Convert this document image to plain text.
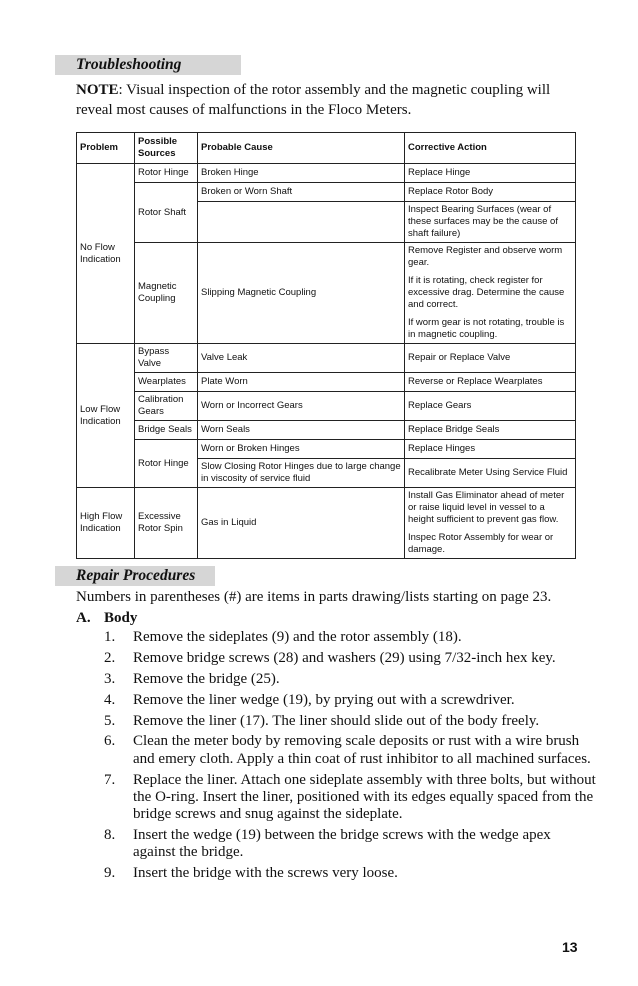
Troubleshooting
NOTE: Visual inspection of the rotor assembly and the magnetic coupling will reveal most causes of malfunctions in the Floco Meters.
Problem	Possible Sources	Probable Cause	Corrective Action
No Flow Indication	Rotor Hinge	Broken Hinge	Replace Hinge
	Rotor Shaft	Broken or Worn Shaft	Replace Rotor Body
			Inspect Bearing Surfaces (wear of these surfaces may be the cause of shaft failure)
	Magnetic Coupling	Slipping Magnetic Coupling	Remove Register and observe worm gear.

If it is rotating, check register for excessive drag. Determine the cause and correct.

If worm gear is not rotating, trouble is in magnetic coupling.

Low Flow Indication	Bypass Valve	Valve Leak	Repair or Replace Valve
	Wearplates	Plate Worn	Reverse or Replace Wearplates
	Calibration Gears	Worn or Incorrect Gears	Replace Gears
	Bridge Seals	Worn Seals	Replace Bridge Seals
	Rotor Hinge	Worn or Broken Hinges	Replace Hinges
		Slow Closing Rotor Hinges due to large change in viscosity of service fluid	Recalibrate Meter Using Service Fluid
High Flow Indication	Excessive Rotor Spin	Gas in Liquid	Install Gas Eliminator ahead of meter or raise liquid level in vessel to a height sufficient to prevent gas flow.

Inspec Rotor Assembly for wear or damage.

Repair Procedures
Numbers in parentheses (#) are items in parts drawing/lists starting on page 23.
A. Body
1.	Remove the sideplates (9) and the rotor assembly (18).
2.	Remove bridge screws (28) and washers (29) using 7/32-inch hex key.
3.	Remove the bridge (25).
4.	Remove the liner wedge (19), by prying out with a screwdriver.
5.	Remove the liner (17). The liner should slide out of the body freely.
6.	Clean the meter body by removing scale deposits or rust with a wire brush and emery cloth. Apply a thin coat of rust inhibitor to all machined surfaces.
7.	Replace the liner. Attach one sideplate assembly with three bolts, but without the O-ring. Insert the liner, positioned with its edges equally spaced from the bridge screws and snug against the sideplate.
8.	Insert the wedge (19) between the bridge screws with the wedge apex against the bridge.
9.	Insert the bridge with the screws very loose.
13
